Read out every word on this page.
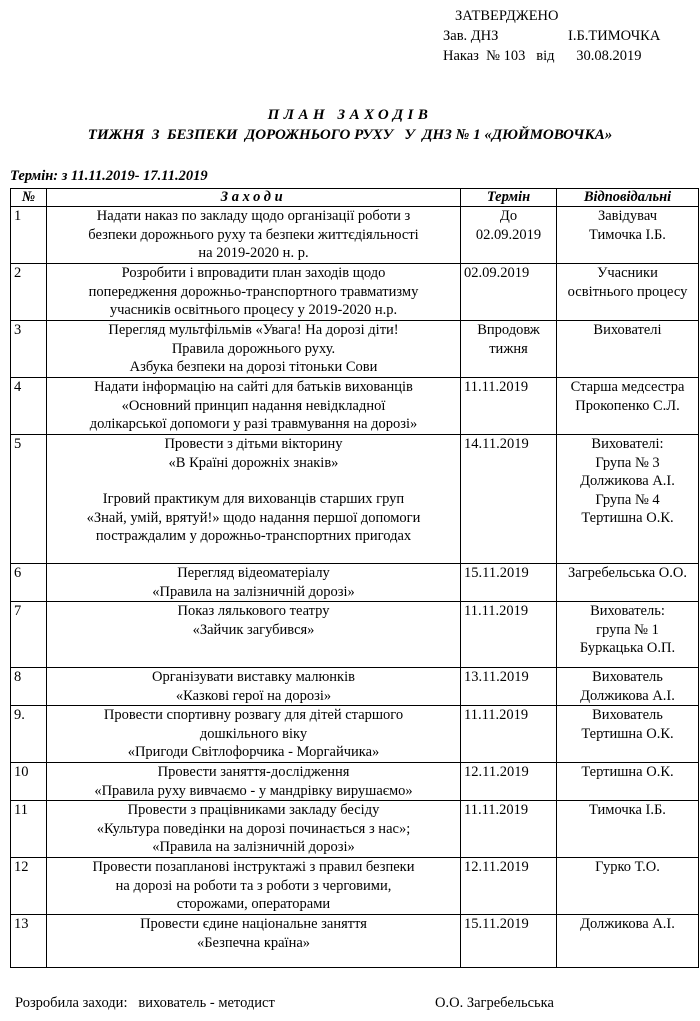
ЗАТВЕРДЖЕНО
Зав. ДНЗ	І.Б.ТИМОЧКА
Наказ  № 103   від      30.08.2019
ПЛАН ЗАХОДІВ
ТИЖНЯ  З  БЕЗПЕКИ  ДОРОЖНЬОГО РУХУ   У  ДНЗ № 1 «ДЮЙМОВОЧКА»
Термін: з 11.11.2019- 17.11.2019
№	Заходи	Термін	Відповідальні
1	Надати наказ по закладу щодо організації роботи з
безпеки дорожнього руху та безпеки життєдіяльності
на 2019-2020 н. р.	До
02.09.2019	Завідувач
Тимочка І.Б.

2	Розробити і впровадити план заходів щодо
попередження дорожньо-транспортного травматизму
учасників освітнього процесу у 2019-2020 н.р.	02.09.2019	Учасники
освітнього процесу

3	Перегляд мультфільмів «Увага! На дорозі діти!
Правила дорожнього руху.
Азбука безпеки на дорозі тітоньки Сови	Впродовж
тижня	Вихователі

4	Надати інформацію на сайті для батьків вихованців
«Основний принцип надання невідкладної
долікарської допомоги у разі травмування на дорозі»	11.11.2019	Старша медсестра
Прокопенко С.Л.

5	Провести з дітьми вікторину
«В Країні дорожніх знаків»
Ігровий практикум для вихованців старших груп
«Знай, умій, врятуй!» щодо надання першої допомоги
постраждалим у дорожньо-транспортних пригодах	14.11.2019	Вихователі:
Група № 3
Должикова А.І.
Група № 4
Тертишна О.К.

6	Перегляд відеоматеріалу
«Правила на залізничній дорозі»	15.11.2019	Загребельська О.О.

7	Показ лялькового театру
«Зайчик загубився»	11.11.2019	Вихователь:
група № 1
Буркацька О.П.

8	Організувати виставку малюнків
«Казкові герої на дорозі»	13.11.2019	Вихователь
Должикова А.І.

9.	Провести спортивну розвагу для дітей старшого
дошкільного віку
«Пригоди Світлофорчика - Моргайчика»	11.11.2019	Вихователь
Тертишна О.К.

10	Провести заняття-дослідження
«Правила руху вивчаємо - у мандрівку вирушаємо»	12.11.2019	Тертишна О.К.

11	Провести з працівниками закладу бесіду
«Культура поведінки на дорозі починається з нас»;
«Правила на залізничній дорозі»	11.11.2019	Тимочка І.Б.

12	Провести позапланові інструктажі з правил безпеки
на дорозі на роботи та з роботи з черговими,
сторожами, операторами	12.11.2019	Гурко Т.О.

13	Провести єдине національне заняття
«Безпечна країна»	15.11.2019	Должикова А.І.
Розробила заходи:   вихователь - методист	О.О. Загребельська
